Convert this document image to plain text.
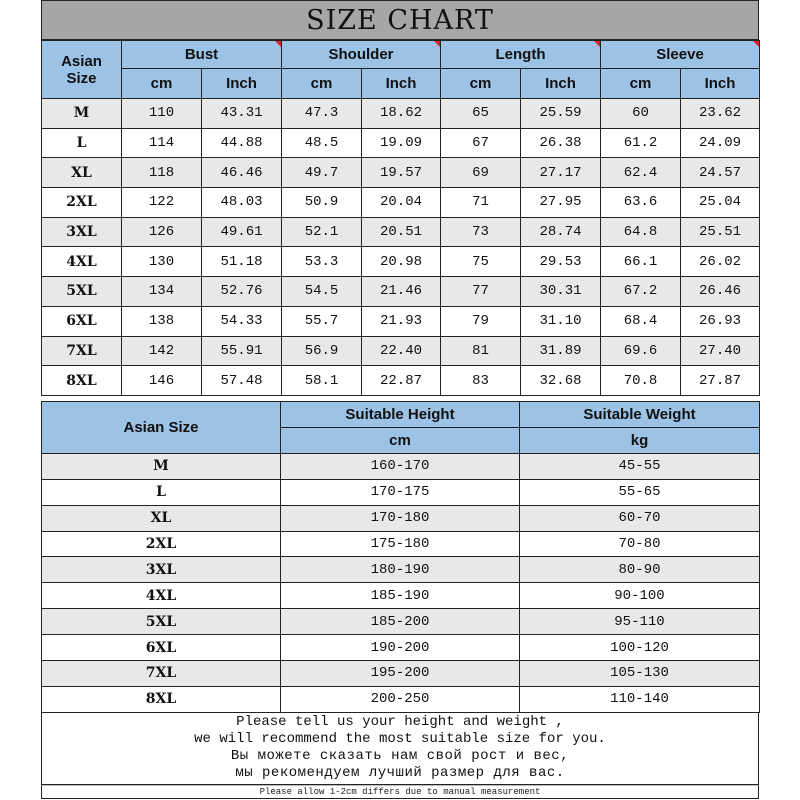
SIZE CHART
Asian
Size	Bust		Shoulder		Length		Sleeve	
	cm	Inch	cm	Inch	cm	Inch	cm	Inch
M	110	43.31	47.3	18.62	65	25.59	60	23.62
L	114	44.88	48.5	19.09	67	26.38	61.2	24.09
XL	118	46.46	49.7	19.57	69	27.17	62.4	24.57
2XL	122	48.03	50.9	20.04	71	27.95	63.6	25.04
3XL	126	49.61	52.1	20.51	73	28.74	64.8	25.51
4XL	130	51.18	53.3	20.98	75	29.53	66.1	26.02
5XL	134	52.76	54.5	21.46	77	30.31	67.2	26.46
6XL	138	54.33	55.7	21.93	79	31.10	68.4	26.93
7XL	142	55.91	56.9	22.40	81	31.89	69.6	27.40
8XL	146	57.48	58.1	22.87	83	32.68	70.8	27.87
Asian Size	Suitable Height	Suitable Weight
	cm	kg
M	160-170	45-55
L	170-175	55-65
XL	170-180	60-70
2XL	175-180	70-80
3XL	180-190	80-90
4XL	185-190	90-100
5XL	185-200	95-110
6XL	190-200	100-120
7XL	195-200	105-130
8XL	200-250	110-140
Please tell us your height and weight ,
we will recommend the most suitable size for you.
Вы можете сказать нам свой рост и вес,
мы рекомендуем лучший размер для вас.
Please allow 1-2cm differs due to manual measurement
